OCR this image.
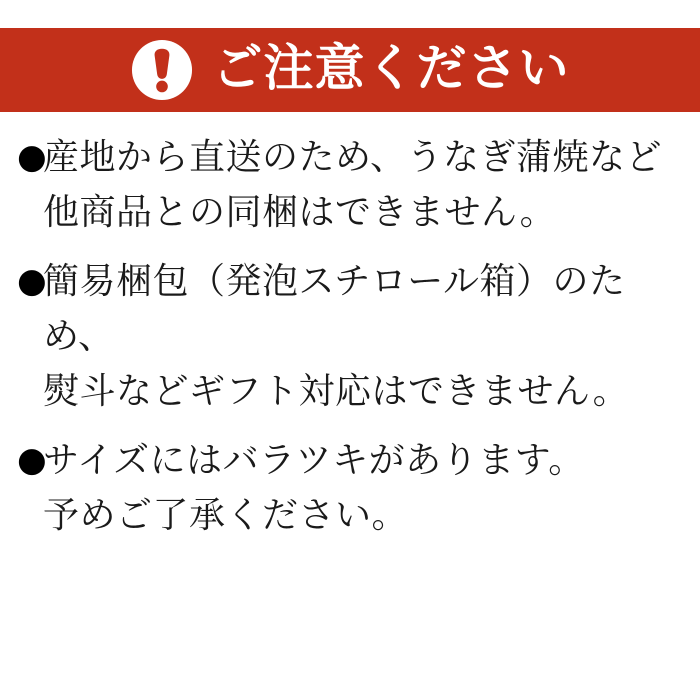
ご注意ください
●

産地から直送のため、うなぎ蒲焼など
他商品との同梱はできません。

●

簡易梱包（発泡スチロール箱）のため、
熨斗などギフト対応はできません。

●

サイズにはバラツキがあります。
予めご了承ください。
